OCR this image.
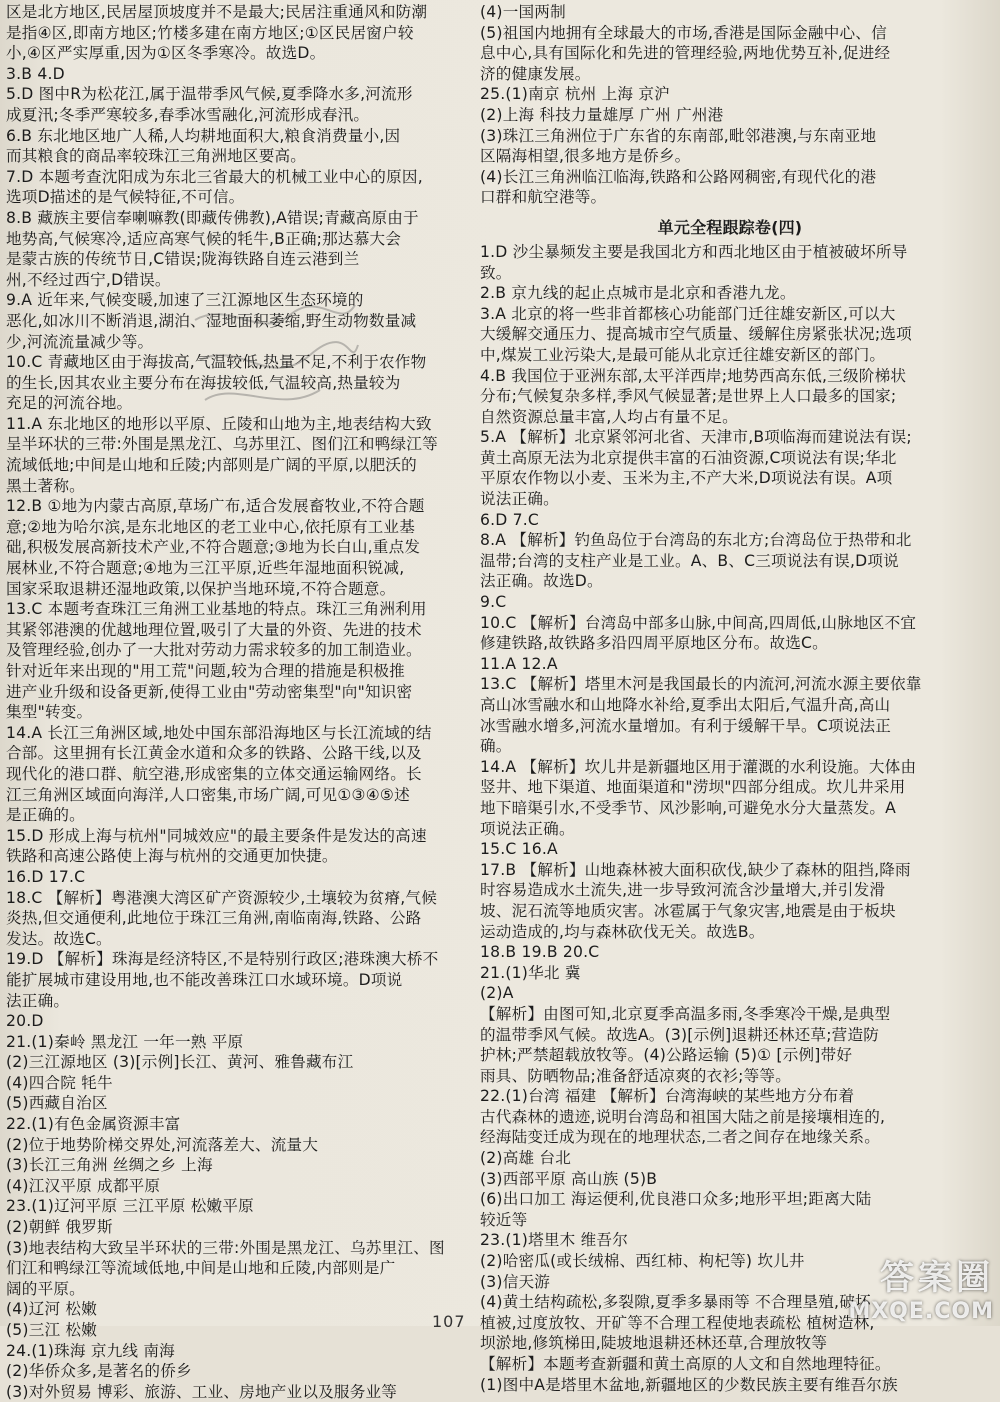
区是北方地区,民居屋顶坡度并不是最大;民居注重通风和防潮
是指④区,即南方地区;竹楼多建在南方地区;①区民居窗户较
小,④区严实厚重,因为①区冬季寒冷。故选D。
3.B 4.D
5.D 图中R为松花江,属于温带季风气候,夏季降水多,河流形
成夏汛;冬季严寒较多,春季冰雪融化,河流形成春汛。
6.B 东北地区地广人稀,人均耕地面积大,粮食消费量小,因
而其粮食的商品率较珠江三角洲地区要高。
7.D 本题考查沈阳成为东北三省最大的机械工业中心的原因,
选项D描述的是气候特征,不可信。
8.B 藏族主要信奉喇嘛教(即藏传佛教),A错误;青藏高原由于
地势高,气候寒冷,适应高寒气候的牦牛,B正确;那达慕大会
是蒙古族的传统节日,C错误;陇海铁路自连云港到兰
州,不经过西宁,D错误。
9.A 近年来,气候变暖,加速了三江源地区生态环境的
恶化,如冰川不断消退,湖泊、湿地面积萎缩,野生动物数量减
少,河流流量减少等。
10.C 青藏地区由于海拔高,气温较低,热量不足,不利于农作物
的生长,因其农业主要分布在海拔较低,气温较高,热量较为
充足的河流谷地。
11.A 东北地区的地形以平原、丘陵和山地为主,地表结构大致
呈半环状的三带:外围是黑龙江、乌苏里江、图们江和鸭绿江等
流域低地;中间是山地和丘陵;内部则是广阔的平原,以肥沃的
黑土著称。
12.B ①地为内蒙古高原,草场广布,适合发展畜牧业,不符合题
意;②地为哈尔滨,是东北地区的老工业中心,依托原有工业基
础,积极发展高新技术产业,不符合题意;③地为长白山,重点发
展林业,不符合题意;④地为三江平原,近些年湿地面积锐减,
国家采取退耕还湿地政策,以保护当地环境,不符合题意。
13.C 本题考查珠江三角洲工业基地的特点。珠江三角洲利用
其紧邻港澳的优越地理位置,吸引了大量的外资、先进的技术
及管理经验,创办了一大批对劳动力需求较多的加工制造业。
针对近年来出现的"用工荒"问题,较为合理的措施是积极推
进产业升级和设备更新,使得工业由"劳动密集型"向"知识密
集型"转变。
14.A 长江三角洲区域,地处中国东部沿海地区与长江流域的结
合部。这里拥有长江黄金水道和众多的铁路、公路干线,以及
现代化的港口群、航空港,形成密集的立体交通运输网络。长
江三角洲区域面向海洋,人口密集,市场广阔,可见①③④⑤述
是正确的。
15.D 形成上海与杭州"同城效应"的最主要条件是发达的高速
铁路和高速公路使上海与杭州的交通更加快捷。
16.D 17.C
18.C 【解析】粤港澳大湾区矿产资源较少,土壤较为贫瘠,气候
炎热,但交通便利,此地位于珠江三角洲,南临南海,铁路、公路
发达。故选C。
19.D 【解析】珠海是经济特区,不是特别行政区;港珠澳大桥不
能扩展城市建设用地,也不能改善珠江口水域环境。D项说
法正确。
20.D
21.(1)秦岭 黑龙江 一年一熟 平原
(2)三江源地区 (3)[示例]长江、黄河、雅鲁藏布江
(4)四合院 牦牛
(5)西藏自治区
22.(1)有色金属资源丰富
(2)位于地势阶梯交界处,河流落差大、流量大
(3)长江三角洲 丝绸之乡 上海
(4)江汉平原 成都平原
23.(1)辽河平原 三江平原 松嫩平原
(2)朝鲜 俄罗斯
(3)地表结构大致呈半环状的三带:外围是黑龙江、乌苏里江、图
们江和鸭绿江等流域低地,中间是山地和丘陵,内部则是广
阔的平原。
(4)辽河 松嫩
(5)三江 松嫩
24.(1)珠海 京九线 南海
(2)华侨众多,是著名的侨乡
(3)对外贸易 博彩、旅游、工业、房地产业以及服务业等
(4)一国两制
(5)祖国内地拥有全球最大的市场,香港是国际金融中心、信
息中心,具有国际化和先进的管理经验,两地优势互补,促进经
济的健康发展。
25.(1)南京 杭州 上海 京沪
(2)上海 科技力量雄厚 广州 广州港
(3)珠江三角洲位于广东省的东南部,毗邻港澳,与东南亚地
区隔海相望,很多地方是侨乡。
(4)长江三角洲临江临海,铁路和公路网稠密,有现代化的港
口群和航空港等。
单元全程跟踪卷(四)
1.D 沙尘暴频发主要是我国北方和西北地区由于植被破坏所导
致。
2.B 京九线的起止点城市是北京和香港九龙。
3.A 北京的将一些非首都核心功能部门迁往雄安新区,可以大
大缓解交通压力、提高城市空气质量、缓解住房紧张状况;选项
中,煤炭工业污染大,是最可能从北京迁往雄安新区的部门。
4.B 我国位于亚洲东部,太平洋西岸;地势西高东低,三级阶梯状
分布;气候复杂多样,季风气候显著;是世界上人口最多的国家;
自然资源总量丰富,人均占有量不足。
5.A 【解析】北京紧邻河北省、天津市,B项临海而建说法有误;
黄土高原无法为北京提供丰富的石油资源,C项说法有误;华北
平原农作物以小麦、玉米为主,不产大米,D项说法有误。A项
说法正确。
6.D 7.C
8.A 【解析】钓鱼岛位于台湾岛的东北方;台湾岛位于热带和北
温带;台湾的支柱产业是工业。A、B、C三项说法有误,D项说
法正确。故选D。
9.C
10.C 【解析】台湾岛中部多山脉,中间高,四周低,山脉地区不宜
修建铁路,故铁路多沿四周平原地区分布。故选C。
11.A 12.A
13.C 【解析】塔里木河是我国最长的内流河,河流水源主要依靠
高山冰雪融水和山地降水补给,夏季出太阳后,气温升高,高山
冰雪融水增多,河流水量增加。有利于缓解干旱。C项说法正
确。
14.A 【解析】坎儿井是新疆地区用于灌溉的水利设施。大体由
竖井、地下渠道、地面渠道和"涝坝"四部分组成。坎儿井采用
地下暗渠引水,不受季节、风沙影响,可避免水分大量蒸发。A
项说法正确。
15.C 16.A
17.B 【解析】山地森林被大面积砍伐,缺少了森林的阻挡,降雨
时容易造成水土流失,进一步导致河流含沙量增大,并引发滑
坡、泥石流等地质灾害。冰雹属于气象灾害,地震是由于板块
运动造成的,均与森林砍伐无关。故选B。
18.B 19.B 20.C
21.(1)华北 冀
(2)A
【解析】由图可知,北京夏季高温多雨,冬季寒冷干燥,是典型
的温带季风气候。故选A。(3)[示例]退耕还林还草;营造防
护林;严禁超载放牧等。(4)公路运输 (5)① [示例]带好
雨具、防晒物品;准备舒适凉爽的衣衫;等等。
22.(1)台湾 福建 【解析】台湾海峡的某些地方分布着
古代森林的遗迹,说明台湾岛和祖国大陆之前是接壤相连的,
经海陆变迁成为现在的地理状态,二者之间存在地缘关系。
(2)高雄 台北
(3)西部平原 高山族 (5)B
(6)出口加工 海运便利,优良港口众多;地形平坦;距离大陆
较近等
23.(1)塔里木 维吾尔
(2)哈密瓜(或长绒棉、西红柿、枸杞等) 坎儿井
(3)信天游
(4)黄土结构疏松,多裂隙,夏季多暴雨等 不合理垦殖,破坏
植被,过度放牧、开矿等不合理工程使地表疏松 植树造林,
坝淤地,修筑梯田,陡坡地退耕还林还草,合理放牧等
【解析】本题考查新疆和黄土高原的人文和自然地理特征。
(1)图中A是塔里木盆地,新疆地区的少数民族主要有维吾尔族
107
答案圈
MXQE.COM
